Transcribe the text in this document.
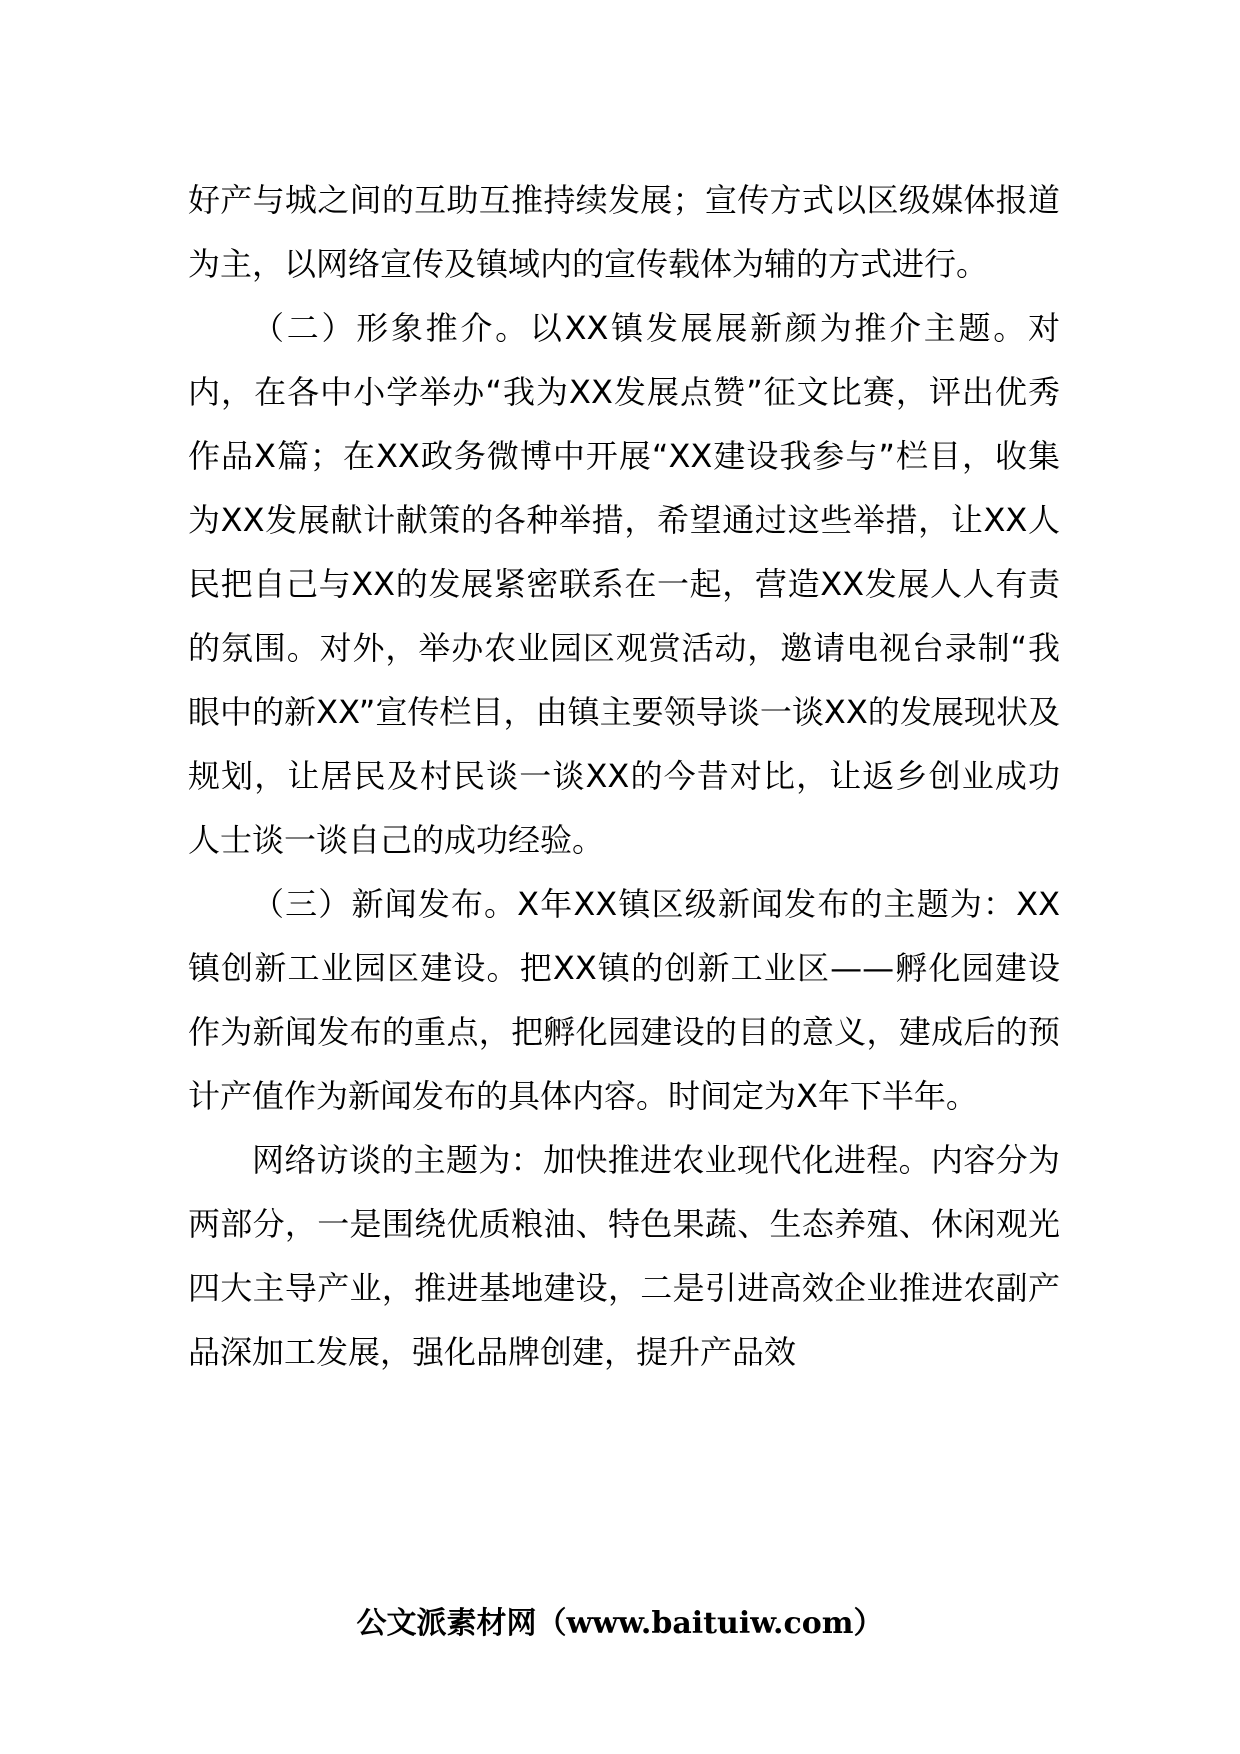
好产与城之间的互助互推持续发展；宣传方式以区级媒体报道为主，以网络宣传及镇域内的宣传载体为辅的方式进行。

（二）形象推介。以XX镇发展展新颜为推介主题。对内，在各中小学举办“我为XX发展点赞”征文比赛，评出优秀作品X篇；在XX政务微博中开展“XX建设我参与”栏目，收集为XX发展献计献策的各种举措，希望通过这些举措，让XX人民把自己与XX的发展紧密联系在一起，营造XX发展人人有责的氛围。对外，举办农业园区观赏活动，邀请电视台录制“我眼中的新XX”宣传栏目，由镇主要领导谈一谈XX的发展现状及规划，让居民及村民谈一谈XX的今昔对比，让返乡创业成功人士谈一谈自己的成功经验。

（三）新闻发布。X年XX镇区级新闻发布的主题为：XX镇创新工业园区建设。把XX镇的创新工业区——孵化园建设作为新闻发布的重点，把孵化园建设的目的意义，建成后的预计产值作为新闻发布的具体内容。时间定为X年下半年。

网络访谈的主题为：加快推进农业现代化进程。内容分为两部分，一是围绕优质粮油、特色果蔬、生态养殖、休闲观光四大主导产业，推进基地建设，二是引进高效企业推进农副产品深加工发展，强化品牌创建，提升产品效

公文派素材网（www.baituiw.com）
